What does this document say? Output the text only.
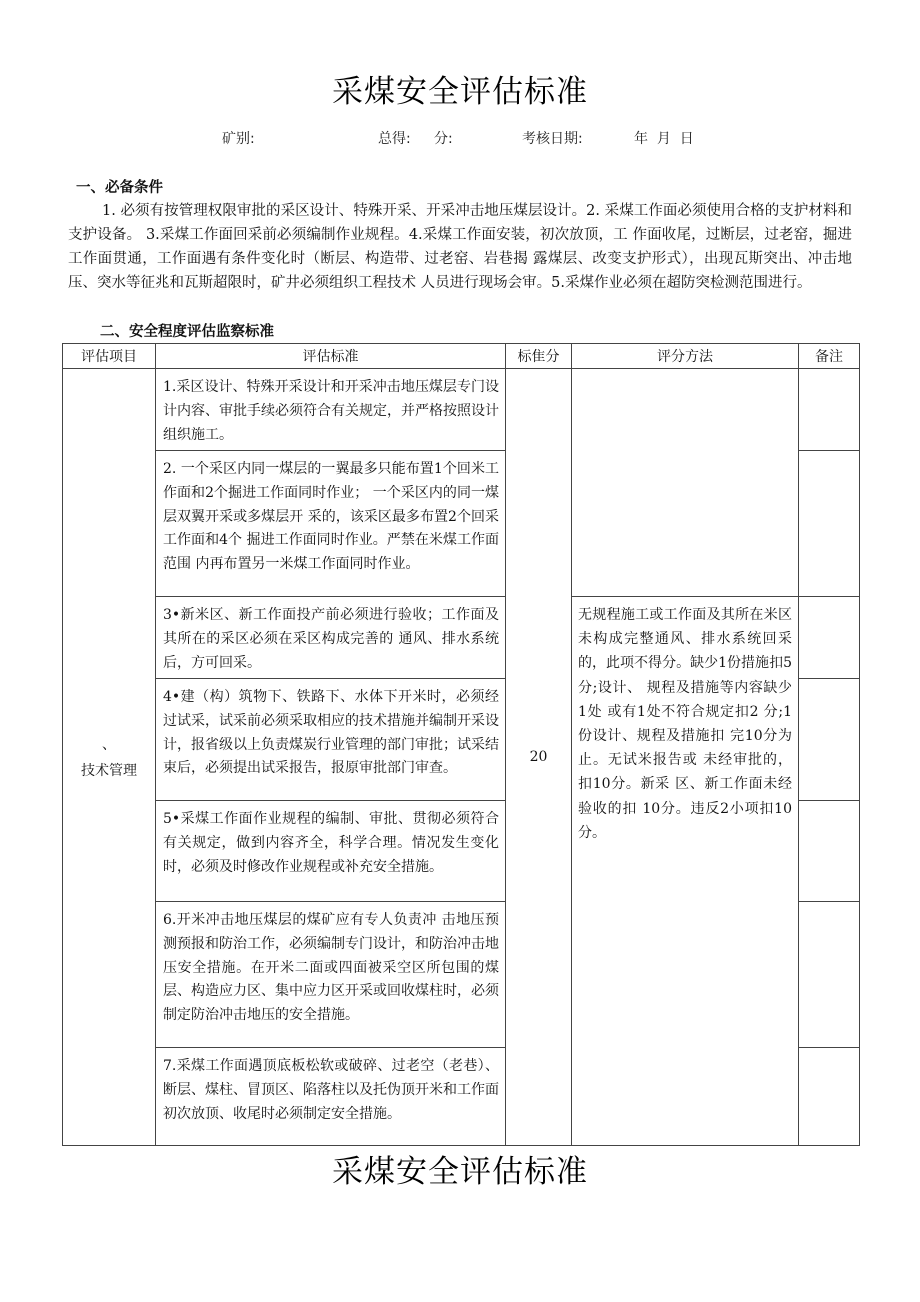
采煤安全评估标准
矿别:	总得: 分:	考核日期:	年  月  日
一、必备条件

1. 必须有按管理权限审批的采区设计、特殊开采、开采冲击地压煤层设计。2. 采煤工作面必须使用合格的支护材料和支护设备。 3.采煤工作面回采前必须编制作业规程。4.采煤工作面安装，初次放顶，工 作面收尾，过断层，过老窑，掘进工作面贯通，工作面遇有条件变化时（断层、构造带、过老窑、岩巷揭 露煤层、改变支护形式），出现瓦斯突出、冲击地压、突水等征兆和瓦斯超限时，矿井必须组织工程技术 人员进行现场会审。5.采煤作业必须在超防突检测范围进行。

二、安全程度评估监察标准
评估项目	评估标准	标隹分	评分方法	备注

、
技术管理	1.采区设计、特殊开采设计和开采冲击地压煤层专门设计内容、审批手续必须符合有关规定，并严格按照设计组织施工。	20		
	2. 一个采区内同一煤层的一翼最多只能布置1个回米工作面和2个掘进工作面同时作业； 一个采区内的同一煤层双翼开采或多煤层开 采的，该采区最多布置2个回采工作面和4个 掘进工作面同时作业。严禁在米煤工作面范围 内再布置另一米煤工作面同时作业。			
	3•新米区、新工作面投产前必须进行验收；工作面及其所在的采区必须在采区构成完善的 通风、排水系统后，方可回采。		无规程施工或工作面及其所在米区未构成完整通风、排水系统回采的，此项不得分。缺少1份措施扣5分;设计、 规程及措施等内容缺少1处 或有1处不符合规定扣2 分;1份设计、规程及措施扣 完10分为止。无试米报告或 未经审批的，扣10分。新采 区、新工作面未经验收的扣 10分。违反2小项扣10分。	
	4•建（构）筑物下、铁路下、水体下开米时，必须经过试采，试采前必须采取相应的技术措施并编制开采设计，报省级以上负责煤炭行业管理的部门审批；试采结束后，必须提出试采报告，报原审批部门审查。			
	5•采煤工作面作业规程的编制、审批、贯彻必须符合有关规定，做到内容齐全，科学合理。情况发生变化时，必须及时修改作业规程或补充安全措施。			
	6.开米冲击地压煤层的煤矿应有专人负责冲 击地压预测预报和防治工作，必须编制专门设计，和防治冲击地压安全措施。在开米二面或四面被采空区所包围的煤层、构造应力区、集中应力区开采或回收煤柱时，必须制定防治冲击地压的安全措施。			
	7.采煤工作面遇顶底板松软或破碎、过老空（老巷）、断层、煤柱、冒顶区、陷落柱以及托伪顶开米和工作面初次放顶、收尾时必须制定安全措施。			
采煤安全评估标准
